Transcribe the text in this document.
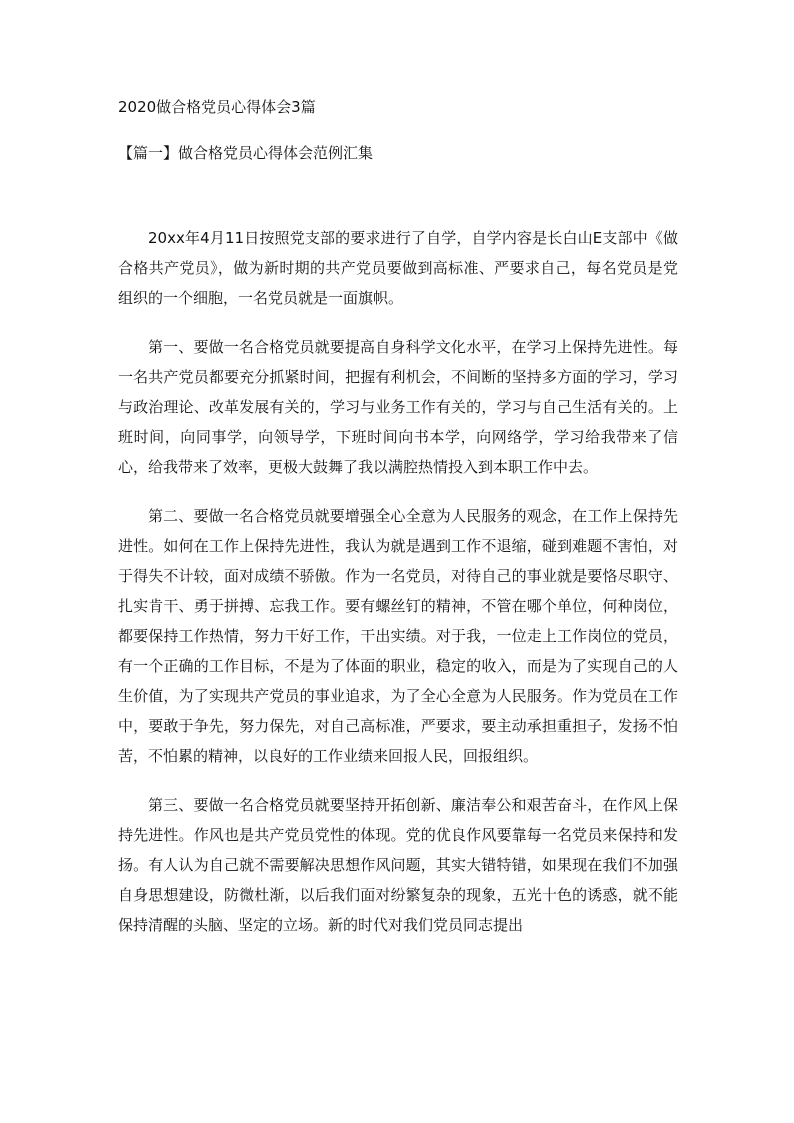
2020做合格党员心得体会3篇
【篇一】做合格党员心得体会范例汇集

20xx年4月11日按照党支部的要求进行了自学，自学内容是长白山E支部中《做合格共产党员》，做为新时期的共产党员要做到高标准、严要求自己，每名党员是党组织的一个细胞，一名党员就是一面旗帜。

第一、要做一名合格党员就要提高自身科学文化水平，在学习上保持先进性。每一名共产党员都要充分抓紧时间，把握有利机会，不间断的坚持多方面的学习，学习与政治理论、改革发展有关的，学习与业务工作有关的，学习与自己生活有关的。上班时间，向同事学，向领导学，下班时间向书本学，向网络学，学习给我带来了信心，给我带来了效率，更极大鼓舞了我以满腔热情投入到本职工作中去。

第二、要做一名合格党员就要增强全心全意为人民服务的观念，在工作上保持先进性。如何在工作上保持先进性，我认为就是遇到工作不退缩，碰到难题不害怕，对于得失不计较，面对成绩不骄傲。作为一名党员，对待自己的事业就是要恪尽职守、扎实肯干、勇于拼搏、忘我工作。要有螺丝钉的精神，不管在哪个单位，何种岗位，都要保持工作热情，努力干好工作，干出实绩。对于我，一位走上工作岗位的党员，有一个正确的工作目标，不是为了体面的职业，稳定的收入，而是为了实现自己的人生价值，为了实现共产党员的事业追求，为了全心全意为人民服务。作为党员在工作中，要敢于争先，努力保先，对自己高标准，严要求，要主动承担重担子，发扬不怕苦，不怕累的精神，以良好的工作业绩来回报人民，回报组织。

第三、要做一名合格党员就要坚持开拓创新、廉洁奉公和艰苦奋斗，在作风上保持先进性。作风也是共产党员党性的体现。党的优良作风要靠每一名党员来保持和发扬。有人认为自己就不需要解决思想作风问题，其实大错特错，如果现在我们不加强自身思想建设，防微杜渐，以后我们面对纷繁复杂的现象，五光十色的诱惑，就不能保持清醒的头脑、坚定的立场。新的时代对我们党员同志提出
